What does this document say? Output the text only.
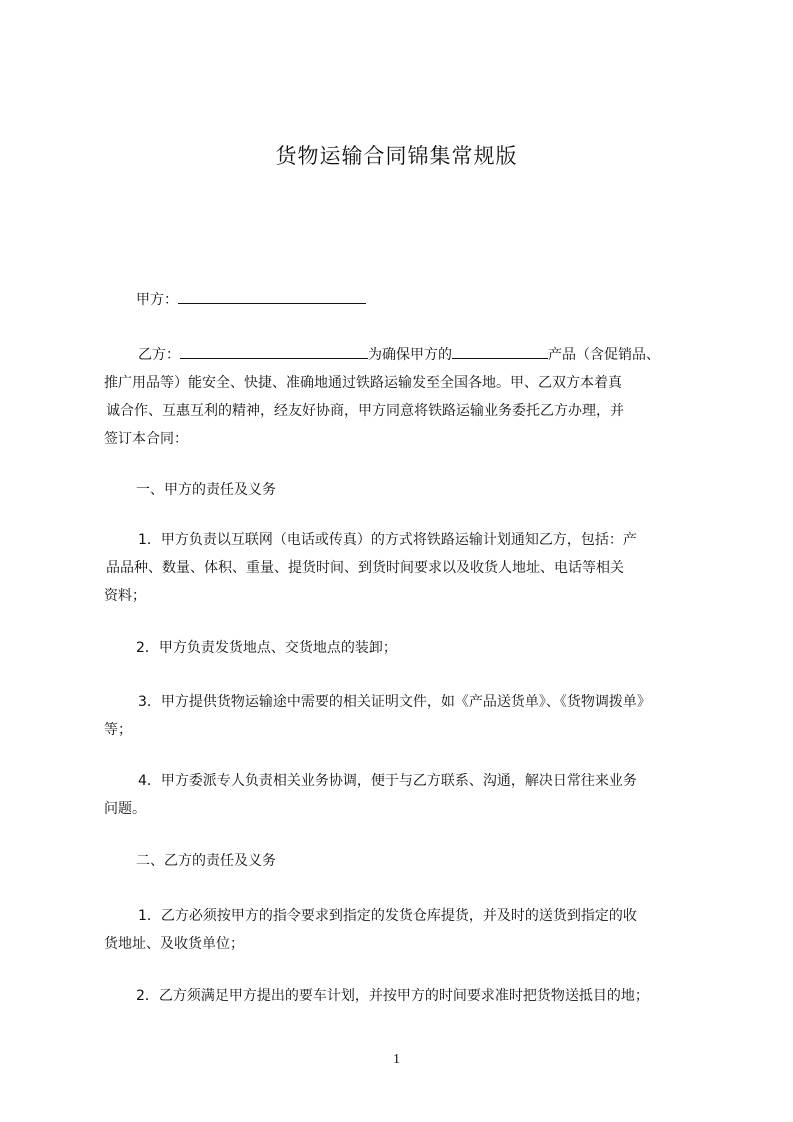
货物运输合同锦集常规版
甲方：
乙方：	为确保甲方的	产品（含促销品、
推广用品等）能安全、快捷、准确地通过铁路运输发至全国各地。甲、乙双方本着真
诚合作、互惠互利的精神，经友好协商，甲方同意将铁路运输业务委托乙方办理，并
签订本合同：
一、甲方的责任及义务
1．甲方负责以互联网（电话或传真）的方式将铁路运输计划通知乙方，包括：产
品品种、数量、体积、重量、提货时间、到货时间要求以及收货人地址、电话等相关
资料；
2．甲方负责发货地点、交货地点的装卸；
3．甲方提供货物运输途中需要的相关证明文件，如《产品送货单》、《货物调拨单》
等；
4．甲方委派专人负责相关业务协调，便于与乙方联系、沟通，解决日常往来业务
问题。
二、乙方的责任及义务
1．乙方必须按甲方的指令要求到指定的发货仓库提货，并及时的送货到指定的收
货地址、及收货单位；
2．乙方须满足甲方提出的要车计划，并按甲方的时间要求准时把货物送抵目的地；
1
